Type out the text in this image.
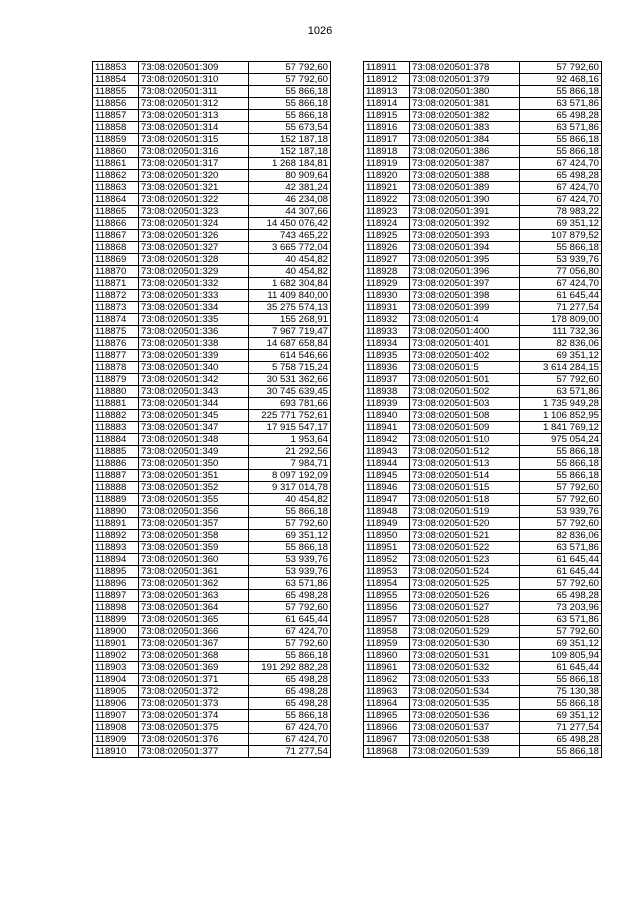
1026
118853	73:08:020501:309	57 792,60
118854	73:08:020501:310	57 792,60
118855	73:08:020501:311	55 866,18
118856	73:08:020501:312	55 866,18
118857	73:08:020501:313	55 866,18
118858	73:08:020501:314	55 673,54
118859	73:08:020501:315	152 187,18
118860	73:08:020501:316	152 187,18
118861	73:08:020501:317	1 268 184,81
118862	73:08:020501:320	80 909,64
118863	73:08:020501:321	42 381,24
118864	73:08:020501:322	46 234,08
118865	73:08:020501:323	44 307,66
118866	73:08:020501:324	14 450 076,42
118867	73:08:020501:326	743 465,22
118868	73:08:020501:327	3 665 772,04
118869	73:08:020501:328	40 454,82
118870	73:08:020501:329	40 454,82
118871	73:08:020501:332	1 682 304,84
118872	73:08:020501:333	11 409 840,00
118873	73:08:020501:334	35 275 574,13
118874	73:08:020501:335	155 268,91
118875	73:08:020501:336	7 967 719,47
118876	73:08:020501:338	14 687 658,84
118877	73:08:020501:339	614 546,66
118878	73:08:020501:340	5 758 715,24
118879	73:08:020501:342	30 531 362,66
118880	73:08:020501:343	30 745 639,45
118881	73:08:020501:344	693 781,66
118882	73:08:020501:345	225 771 752,61
118883	73:08:020501:347	17 915 547,17
118884	73:08:020501:348	1 953,64
118885	73:08:020501:349	21 292,56
118886	73:08:020501:350	7 984,71
118887	73:08:020501:351	8 097 192,09
118888	73:08:020501:352	9 317 014,78
118889	73:08:020501:355	40 454,82
118890	73:08:020501:356	55 866,18
118891	73:08:020501:357	57 792,60
118892	73:08:020501:358	69 351,12
118893	73:08:020501:359	55 866,18
118894	73:08:020501:360	53 939,76
118895	73:08:020501:361	53 939,76
118896	73:08:020501:362	63 571,86
118897	73:08:020501:363	65 498,28
118898	73:08:020501:364	57 792,60
118899	73:08:020501:365	61 645,44
118900	73:08:020501:366	67 424,70
118901	73:08:020501:367	57 792,60
118902	73:08:020501:368	55 866,18
118903	73:08:020501:369	191 292 882,28
118904	73:08:020501:371	65 498,28
118905	73:08:020501:372	65 498,28
118906	73:08:020501:373	65 498,28
118907	73:08:020501:374	55 866,18
118908	73:08:020501:375	67 424,70
118909	73:08:020501:376	67 424,70
118910	73:08:020501:377	71 277,54
118911	73:08:020501:378	57 792,60
118912	73:08:020501:379	92 468,16
118913	73:08:020501:380	55 866,18
118914	73:08:020501:381	63 571,86
118915	73:08:020501:382	65 498,28
118916	73:08:020501:383	63 571,86
118917	73:08:020501:384	55 866,18
118918	73:08:020501:386	55 866,18
118919	73:08:020501:387	67 424,70
118920	73:08:020501:388	65 498,28
118921	73:08:020501:389	67 424,70
118922	73:08:020501:390	67 424,70
118923	73:08:020501:391	78 983,22
118924	73:08:020501:392	69 351,12
118925	73:08:020501:393	107 879,52
118926	73:08:020501:394	55 866,18
118927	73:08:020501:395	53 939,76
118928	73:08:020501:396	77 056,80
118929	73:08:020501:397	67 424,70
118930	73:08:020501:398	61 645,44
118931	73:08:020501:399	71 277,54
118932	73:08:020501:4	178 809,00
118933	73:08:020501:400	111 732,36
118934	73:08:020501:401	82 836,06
118935	73:08:020501:402	69 351,12
118936	73:08:020501:5	3 614 284,15
118937	73:08:020501:501	57 792,60
118938	73:08:020501:502	63 571,86
118939	73:08:020501:503	1 735 949,28
118940	73:08:020501:508	1 106 852,95
118941	73:08:020501:509	1 841 769,12
118942	73:08:020501:510	975 054,24
118943	73:08:020501:512	55 866,18
118944	73:08:020501:513	55 866,18
118945	73:08:020501:514	55 866,18
118946	73:08:020501:515	57 792,60
118947	73:08:020501:518	57 792,60
118948	73:08:020501:519	53 939,76
118949	73:08:020501:520	57 792,60
118950	73:08:020501:521	82 836,06
118951	73:08:020501:522	63 571,86
118952	73:08:020501:523	61 645,44
118953	73:08:020501:524	61 645,44
118954	73:08:020501:525	57 792,60
118955	73:08:020501:526	65 498,28
118956	73:08:020501:527	73 203,96
118957	73:08:020501:528	63 571,86
118958	73:08:020501:529	57 792,60
118959	73:08:020501:530	69 351,12
118960	73:08:020501:531	109 805,94
118961	73:08:020501:532	61 645,44
118962	73:08:020501:533	55 866,18
118963	73:08:020501:534	75 130,38
118964	73:08:020501:535	55 866,18
118965	73:08:020501:536	69 351,12
118966	73:08:020501:537	71 277,54
118967	73:08:020501:538	65 498,28
118968	73:08:020501:539	55 866,18
